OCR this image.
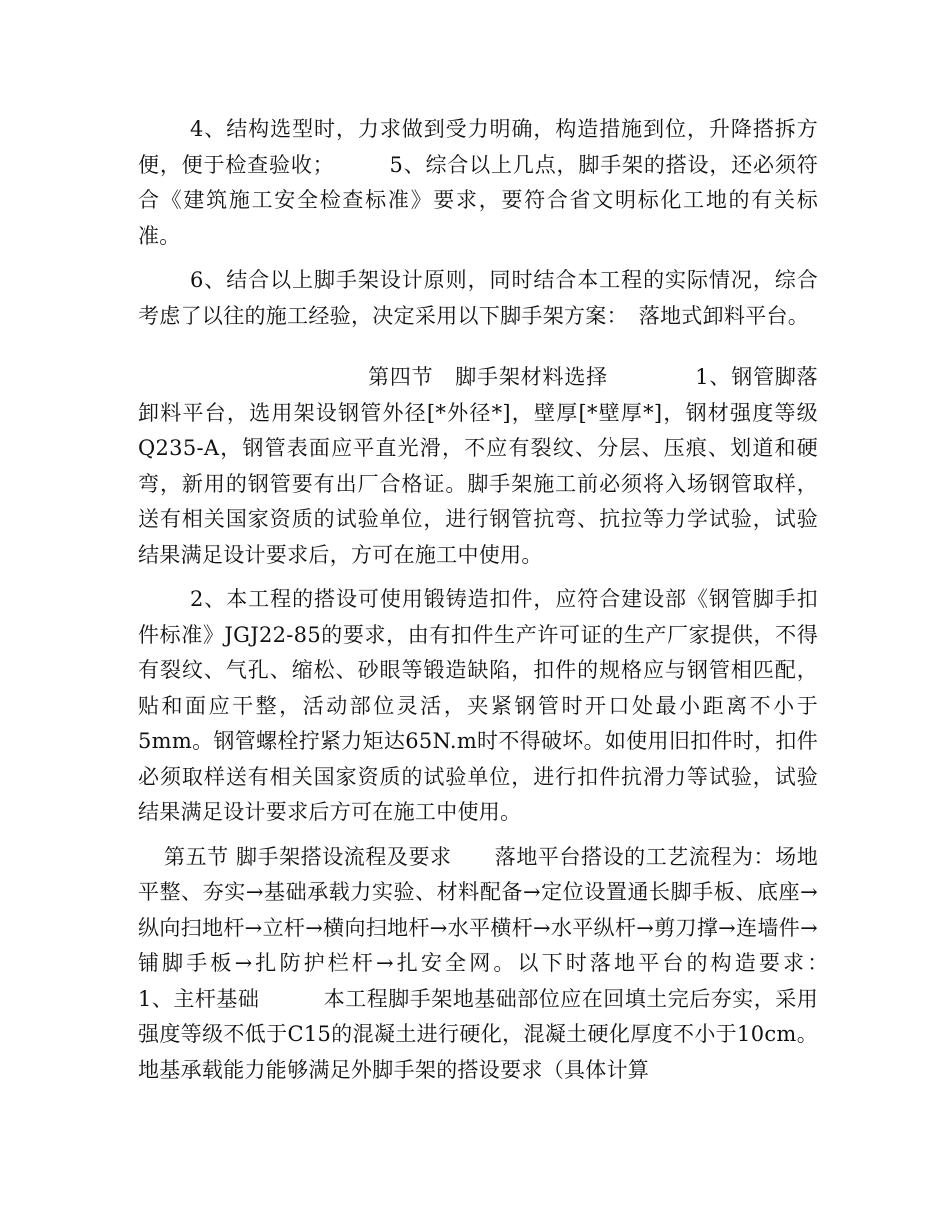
4、结构选型时，力求做到受力明确，构造措施到位，升降搭拆方便，便于检查验收；　　　5、综合以上几点，脚手架的搭设，还必须符合《建筑施工安全检查标准》要求，要符合省文明标化工地的有关标准。

6、结合以上脚手架设计原则，同时结合本工程的实际情况，综合考虑了以往的施工经验，决定采用以下脚手架方案：　落地式卸料平台。

第四节　脚手架材料选择　　　　1、钢管脚落卸料平台，选用架设钢管外径[*外径*]，壁厚[*壁厚*]，钢材强度等级Q235-A，钢管表面应平直光滑，不应有裂纹、分层、压痕、划道和硬弯，新用的钢管要有出厂合格证。脚手架施工前必须将入场钢管取样，送有相关国家资质的试验单位，进行钢管抗弯、抗拉等力学试验，试验结果满足设计要求后，方可在施工中使用。

2、本工程的搭设可使用锻铸造扣件，应符合建设部《钢管脚手扣件标准》JGJ22-85的要求，由有扣件生产许可证的生产厂家提供，不得有裂纹、气孔、缩松、砂眼等锻造缺陷，扣件的规格应与钢管相匹配，贴和面应干整，活动部位灵活，夹紧钢管时开口处最小距离不小于5mm。钢管螺栓拧紧力矩达65N.m时不得破坏。如使用旧扣件时，扣件必须取样送有相关国家资质的试验单位，进行扣件抗滑力等试验，试验结果满足设计要求后方可在施工中使用。

第五节 脚手架搭设流程及要求　　落地平台搭设的工艺流程为：场地平整、夯实→基础承载力实验、材料配备→定位设置通长脚手板、底座→纵向扫地杆→立杆→横向扫地杆→水平横杆→水平纵杆→剪刀撑→连墙件→铺脚手板→扎防护栏杆→扎安全网。以下时落地平台的构造要求：　　　1、主杆基础　　　本工程脚手架地基础部位应在回填土完后夯实，采用强度等级不低于C15的混凝土进行硬化，混凝土硬化厚度不小于10cm。地基承载能力能够满足外脚手架的搭设要求（具体计算
